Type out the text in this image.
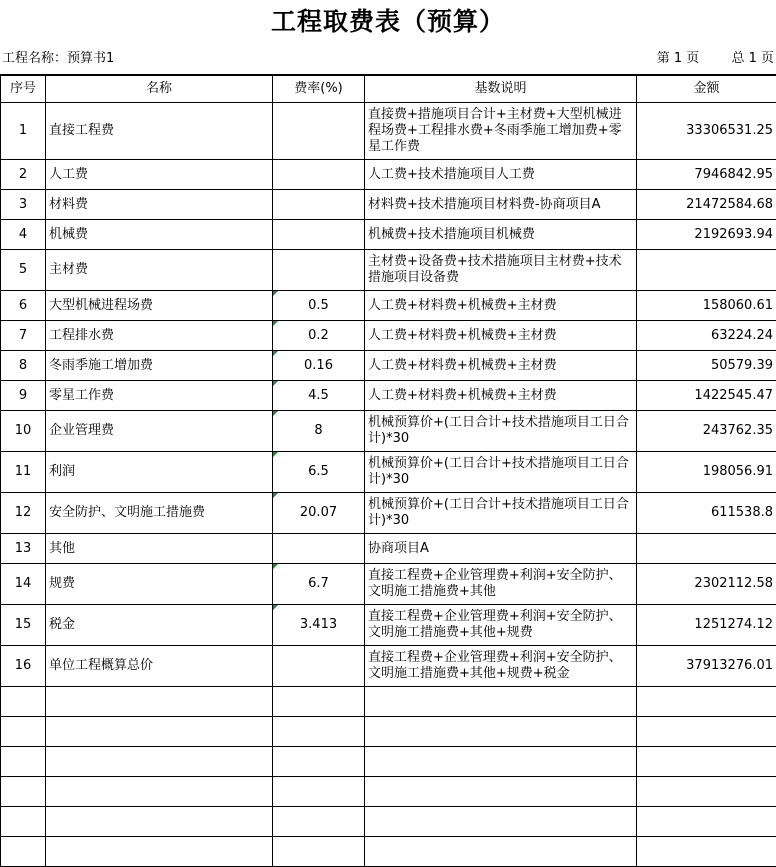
工程取费表（预算）
工程名称：预算书1	第 1 页 总 1 页
序号	名称	费率(%)	基数说明	金额
1	直接工程费		直接费+措施项目合计+主材费+大型机械进程场费+工程排水费+冬雨季施工增加费+零星工作费	33306531.25
2	人工费		人工费+技术措施项目人工费	7946842.95
3	材料费		材料费+技术措施项目材料费-协商项目A	21472584.68
4	机械费		机械费+技术措施项目机械费	2192693.94
5	主材费		主材费+设备费+技术措施项目主材费+技术措施项目设备费	
6	大型机械进程场费	0.5	人工费+材料费+机械费+主材费	158060.61
7	工程排水费	0.2	人工费+材料费+机械费+主材费	63224.24
8	冬雨季施工增加费	0.16	人工费+材料费+机械费+主材费	50579.39
9	零星工作费	4.5	人工费+材料费+机械费+主材费	1422545.47
10	企业管理费	8	机械预算价+(工日合计+技术措施项目工日合计)*30	243762.35
11	利润	6.5	机械预算价+(工日合计+技术措施项目工日合计)*30	198056.91
12	安全防护、文明施工措施费	20.07	机械预算价+(工日合计+技术措施项目工日合计)*30	611538.8
13	其他		协商项目A	
14	规费	6.7	直接工程费+企业管理费+利润+安全防护、文明施工措施费+其他	2302112.58
15	税金	3.413	直接工程费+企业管理费+利润+安全防护、文明施工措施费+其他+规费	1251274.12
16	单位工程概算总价		直接工程费+企业管理费+利润+安全防护、文明施工措施费+其他+规费+税金	37913276.01
